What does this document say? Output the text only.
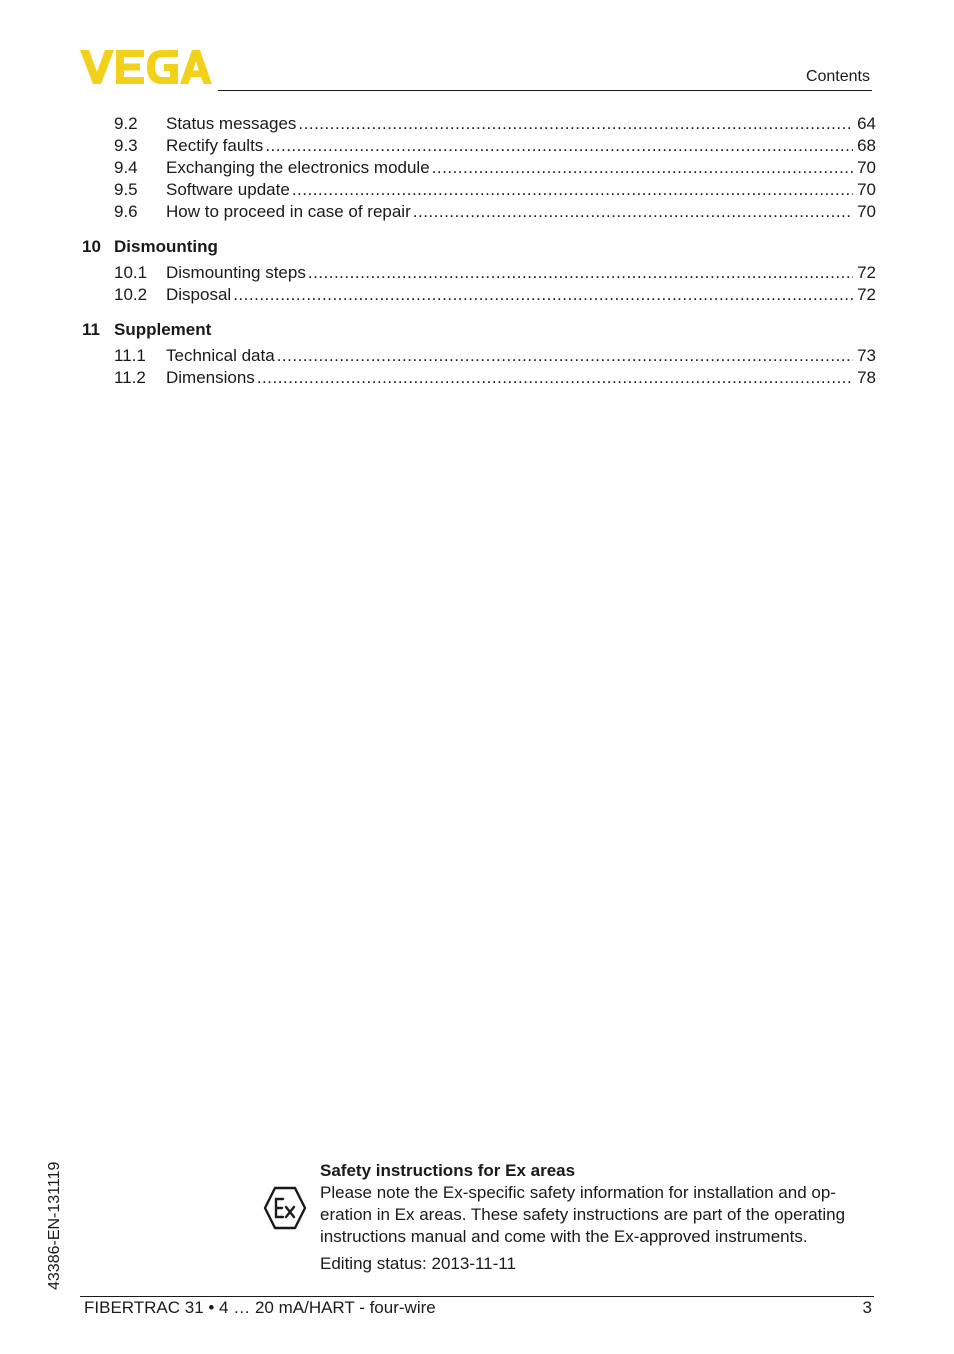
Contents
9.2 Status messages .....	64
9.3 Rectify faults .....	68
9.4 Exchanging the electronics module .....	70
9.5 Software update .....	70
9.6 How to proceed in case of repair .....	70
10 Dismounting
10.1 Dismounting steps .....	72
10.2 Disposal .....	72
11 Supplement
11.1 Technical data .....	73
11.2 Dimensions .....	78
43386-EN-131119	Safety instructions for Ex areas

Please note the Ex-specific safety information for installation and op eration in Ex areas. These safety instructions are part of the operating instructions manual and come with the Ex-approved instruments.

Editing status: 2013-11-11
FIBERTRAC 31 • 4 … 20 mA/HART - four-wire	3
